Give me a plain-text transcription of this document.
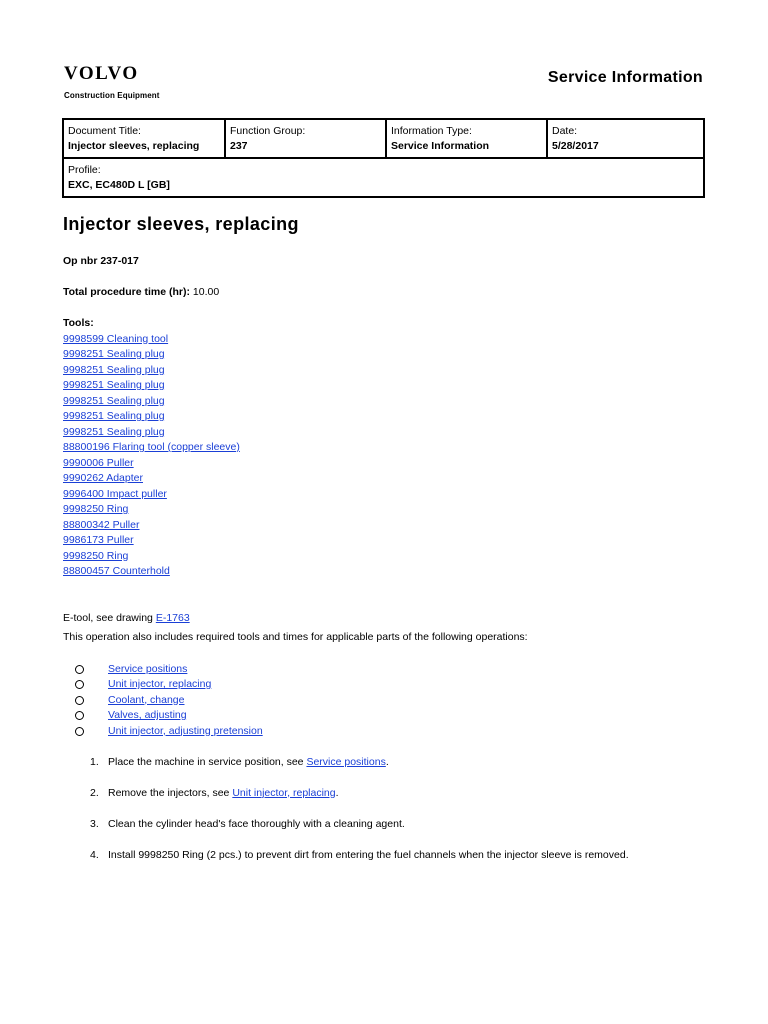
VOLVO
Construction Equipment
Service Information
Document Title:
Injector sleeves, replacing

Function Group:
237

Information Type:
Service Information

Date:
5/28/2017

Profile:
EXC, EC480D L [GB]
Injector sleeves, replacing
Op nbr 237-017
Total procedure time (hr): 10.00
Tools:
9998599 Cleaning tool
9998251 Sealing plug
9998251 Sealing plug
9998251 Sealing plug
9998251 Sealing plug
9998251 Sealing plug
9998251 Sealing plug
88800196 Flaring tool (copper sleeve)
9990006 Puller
9990262 Adapter
9996400 Impact puller
9998250 Ring
88800342 Puller
9986173 Puller
9998250 Ring
88800457 Counterhold
E-tool, see drawing E-1763
This operation also includes required tools and times for applicable parts of the following operations:
Service positions
Unit injector, replacing
Coolant, change
Valves, adjusting
Unit injector, adjusting pretension
1. Place the machine in service position, see Service positions.
2. Remove the injectors, see Unit injector, replacing.
3. Clean the cylinder head's face thoroughly with a cleaning agent.
4. Install 9998250 Ring (2 pcs.) to prevent dirt from entering the fuel channels when the injector sleeve is removed.
